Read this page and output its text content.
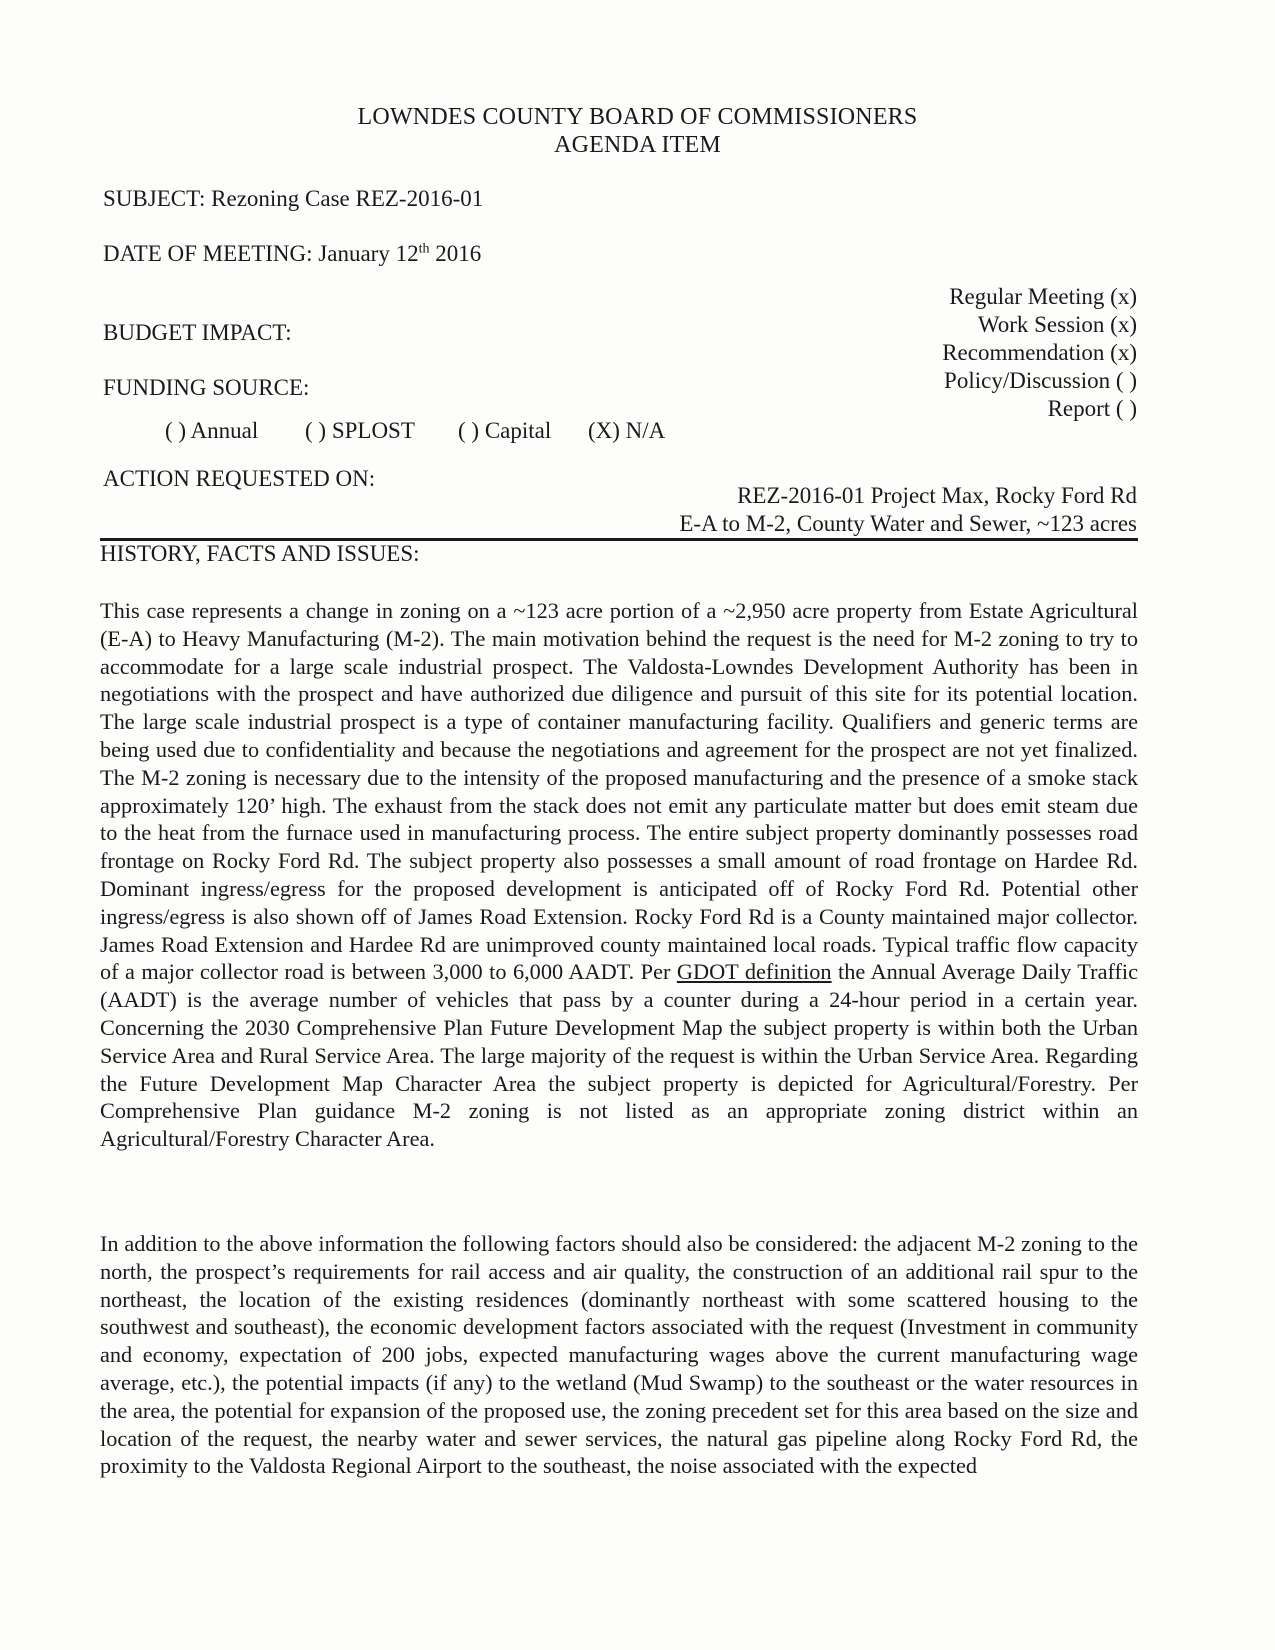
LOWNDES COUNTY BOARD OF COMMISSIONERS
AGENDA ITEM
SUBJECT: Rezoning Case REZ-2016-01
DATE OF MEETING: January 12th 2016
Regular Meeting (x)
Work Session (x)
Recommendation (x)
Policy/Discussion ( )
Report ( )
BUDGET IMPACT:
FUNDING SOURCE:
( ) Annual ( ) SPLOST ( ) Capital (X) N/A
ACTION REQUESTED ON:
REZ-2016-01 Project Max, Rocky Ford Rd
E-A to M-2, County Water and Sewer, ~123 acres
HISTORY, FACTS AND ISSUES:
This case represents a change in zoning on a ~123 acre portion of a ~2,950 acre property from Estate Agricultural (E-A) to Heavy Manufacturing (M-2). The main motivation behind the request is the need for M-2 zoning to try to accommodate for a large scale industrial prospect. The Valdosta-Lowndes Development Authority has been in negotiations with the prospect and have authorized due diligence and pursuit of this site for its potential location. The large scale industrial prospect is a type of container manufacturing facility. Qualifiers and generic terms are being used due to confidentiality and because the negotiations and agreement for the prospect are not yet finalized. The M-2 zoning is necessary due to the intensity of the proposed manufacturing and the presence of a smoke stack approximately 120’ high. The exhaust from the stack does not emit any particulate matter but does emit steam due to the heat from the furnace used in manufacturing process. The entire subject property dominantly possesses road frontage on Rocky Ford Rd. The subject property also possesses a small amount of road frontage on Hardee Rd. Dominant ingress/egress for the proposed development is anticipated off of Rocky Ford Rd. Potential other ingress/egress is also shown off of James Road Extension. Rocky Ford Rd is a County maintained major collector. James Road Extension and Hardee Rd are unimproved county maintained local roads. Typical traffic flow capacity of a major collector road is between 3,000 to 6,000 AADT. Per GDOT definition the Annual Average Daily Traffic (AADT) is the average number of vehicles that pass by a counter during a 24-hour period in a certain year. Concerning the 2030 Comprehensive Plan Future Development Map the subject property is within both the Urban Service Area and Rural Service Area. The large majority of the request is within the Urban Service Area. Regarding the Future Development Map Character Area the subject property is depicted for Agricultural/Forestry. Per Comprehensive Plan guidance M-2 zoning is not listed as an appropriate zoning district within an Agricultural/Forestry Character Area.
In addition to the above information the following factors should also be considered: the adjacent M-2 zoning to the north, the prospect’s requirements for rail access and air quality, the construction of an additional rail spur to the northeast, the location of the existing residences (dominantly northeast with some scattered housing to the southwest and southeast), the economic development factors associated with the request (Investment in community and economy, expectation of 200 jobs, expected manufacturing wages above the current manufacturing wage average, etc.), the potential impacts (if any) to the wetland (Mud Swamp) to the southeast or the water resources in the area, the potential for expansion of the proposed use, the zoning precedent set for this area based on the size and location of the request, the nearby water and sewer services, the natural gas pipeline along Rocky Ford Rd, the proximity to the Valdosta Regional Airport to the southeast, the noise associated with the expected
